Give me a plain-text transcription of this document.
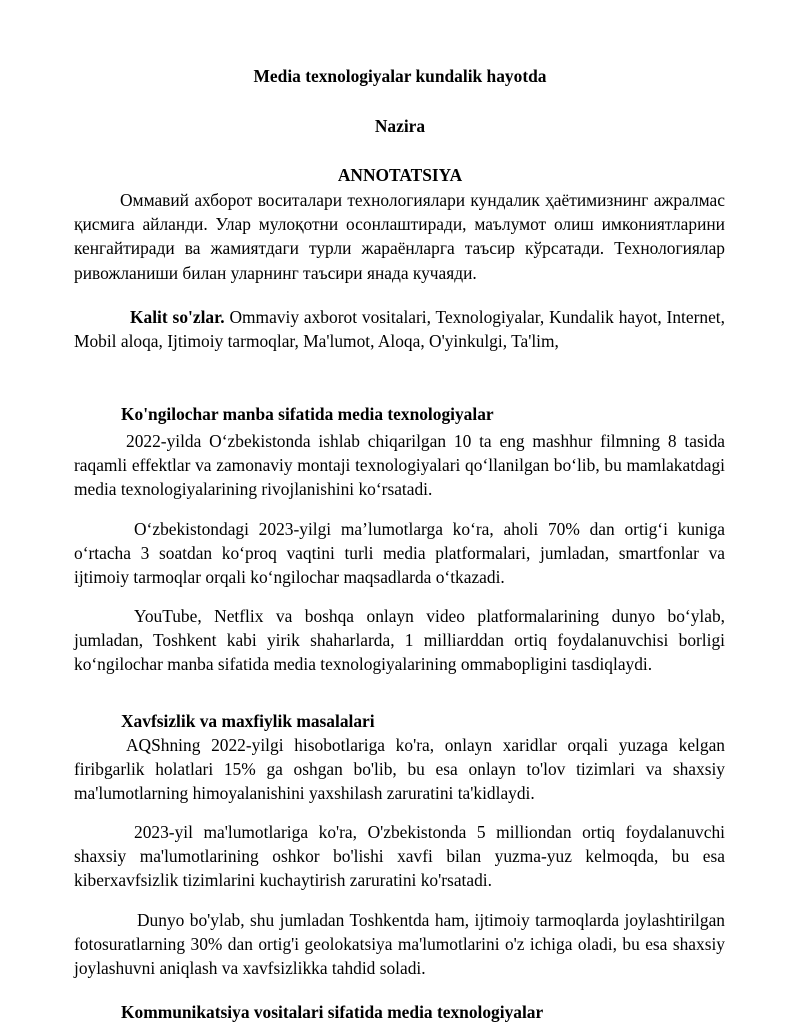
Media texnologiyalar kundalik hayotda
Nazira
ANNOTATSIYA
Оммавий ахборот воситалари технологиялари кундалик ҳаётимизнинг ажралмас қисмига айланди. Улар мулоқотни осонлаштиради, маълумот олиш имкониятларини кенгайтиради ва жамиятдаги турли жараёнларга таъсир кўрсатади. Технологиялар ривожланиши билан уларнинг таъсири янада кучаяди.
Kalit so'zlar. Ommaviy axborot vositalari, Texnologiyalar, Kundalik hayot, Internet, Mobil aloqa, Ijtimoiy tarmoqlar, Ma'lumot, Aloqa, O'yinkulgi, Ta'lim,
Ko'ngilochar manba sifatida media texnologiyalar
2022-yilda O‘zbekistonda ishlab chiqarilgan 10 ta eng mashhur filmning 8 tasida raqamli effektlar va zamonaviy montaji texnologiyalari qo‘llanilgan bo‘lib, bu mamlakatdagi media texnologiyalarining rivojlanishini ko‘rsatadi.
O‘zbekistondagi 2023-yilgi ma’lumotlarga ko‘ra, aholi 70% dan ortig‘i kuniga o‘rtacha 3 soatdan ko‘proq vaqtini turli media platformalari, jumladan, smartfonlar va ijtimoiy tarmoqlar orqali ko‘ngilochar maqsadlarda o‘tkazadi.
YouTube, Netflix va boshqa onlayn video platformalarining dunyo bo‘ylab, jumladan, Toshkent kabi yirik shaharlarda, 1 milliarddan ortiq foydalanuvchisi borligi ko‘ngilochar manba sifatida media texnologiyalarining ommabopligini tasdiqlaydi.
Xavfsizlik va maxfiylik masalalari
AQShning 2022-yilgi hisobotlariga ko'ra, onlayn xaridlar orqali yuzaga kelgan firibgarlik holatlari 15% ga oshgan bo'lib, bu esa onlayn to'lov tizimlari va shaxsiy ma'lumotlarning himoyalanishini yaxshilash zaruratini ta'kidlaydi.
2023-yil ma'lumotlariga ko'ra, O'zbekistonda 5 milliondan ortiq foydalanuvchi shaxsiy ma'lumotlarining oshkor bo'lishi xavfi bilan yuzma-yuz kelmoqda, bu esa kiberxavfsizlik tizimlarini kuchaytirish zaruratini ko'rsatadi.
Dunyo bo'ylab, shu jumladan Toshkentda ham, ijtimoiy tarmoqlarda joylashtirilgan fotosuratlarning 30% dan ortig'i geolokatsiya ma'lumotlarini o'z ichiga oladi, bu esa shaxsiy joylashuvni aniqlash va xavfsizlikka tahdid soladi.
Kommunikatsiya vositalari sifatida media texnologiyalar
